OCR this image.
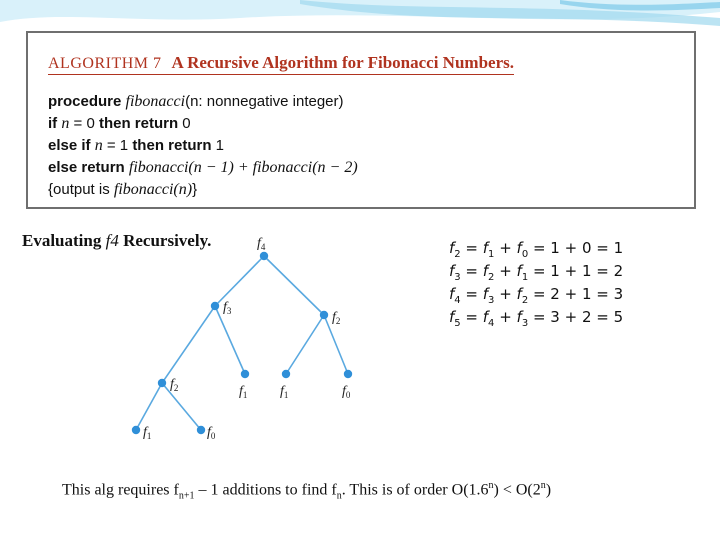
ALGORITHM 7 A Recursive Algorithm for Fibonacci Numbers.
procedure fibonacci(n: nonnegative integer)
if n = 0 then return 0
else if n = 1 then return 1
else return fibonacci(n − 1) + fibonacci(n − 2)
{output is fibonacci(n)}
Evaluating f4 Recursively.	$f_4$
$f_3$
$f_2$
$f_2$
$f_1$ $f_1$	$f_0$
$f_1$	$f_0$
$f_2 = f_1 + f_0 = 1 + 0 = 1$
$f_3 = f_2 + f_1 = 1 + 1 = 2$
$f_4 = f_3 + f_2 = 2 + 1 = 3$
$f_5 = f_4 + f_3 = 3 + 2 = 5$
This alg requires $f_{n+1} - 1$ additions to find $f_n$. This is of order $O(1.6^n) < O(2^n)$
